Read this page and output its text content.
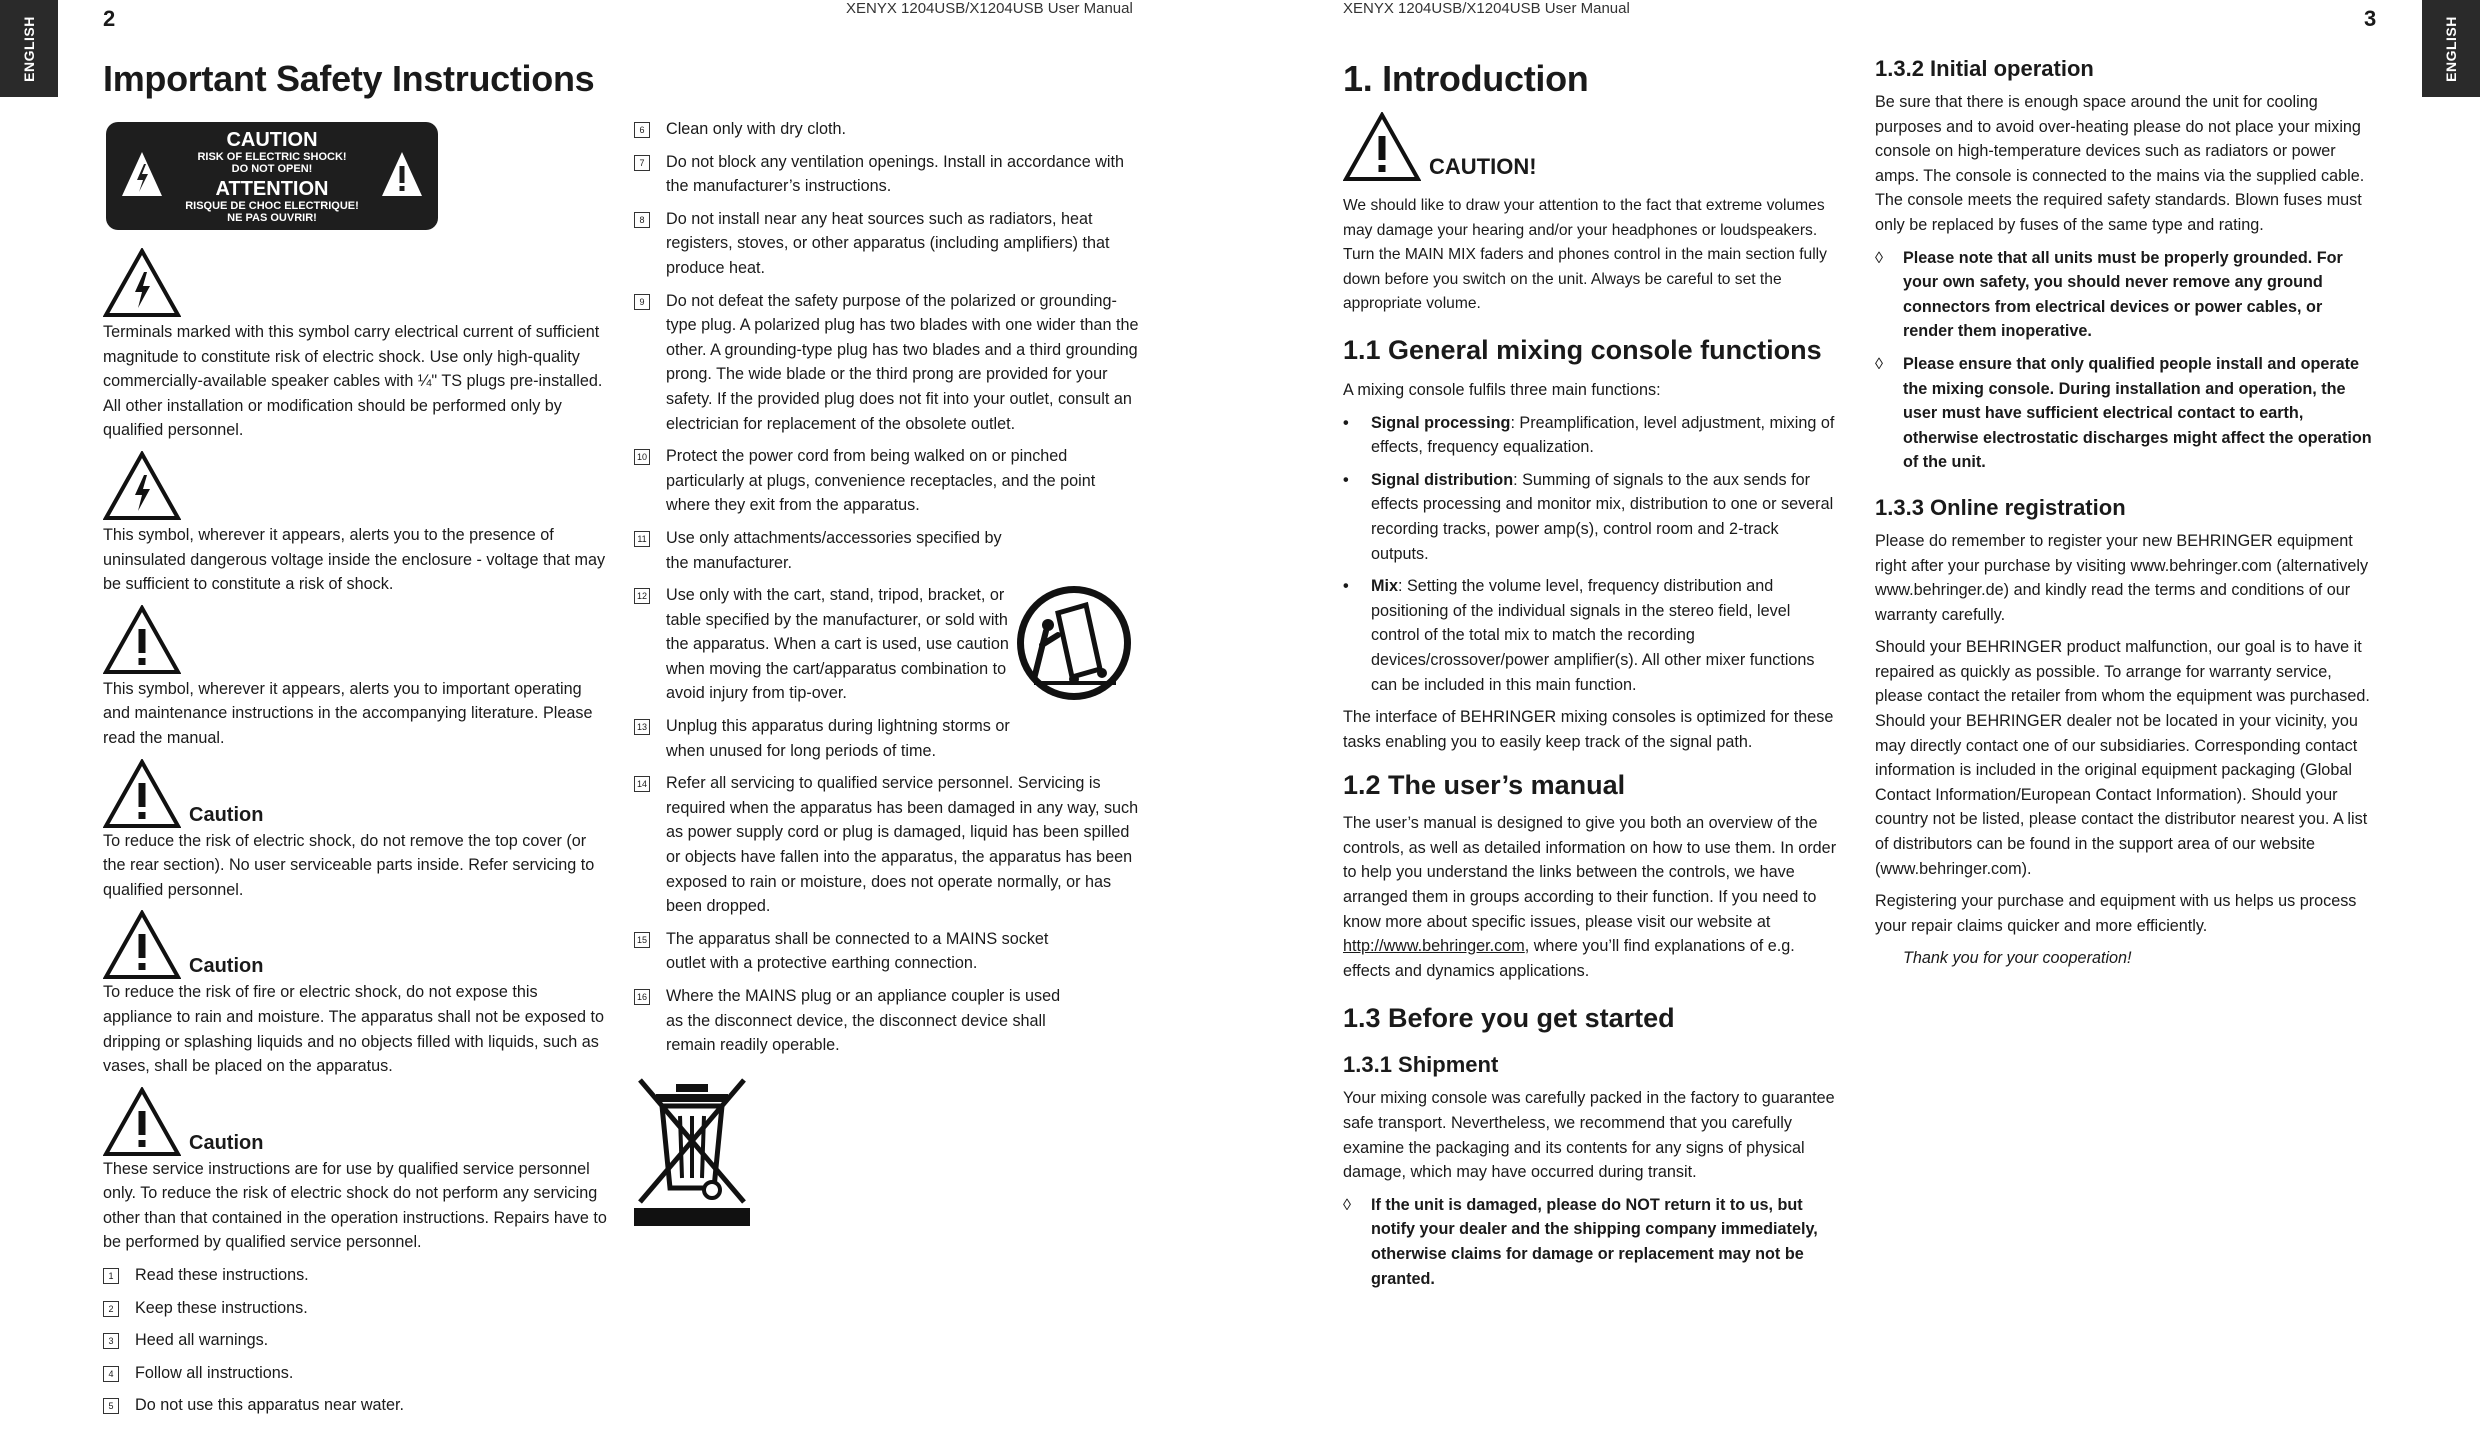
ENGLISH	ENGLISH
2	3
XENYX 1204USB/X1204USB User Manual	XENYX 1204USB/X1204USB User Manual
Important Safety Instructions
CAUTION
RISK OF ELECTRIC SHOCK!
DO NOT OPEN!
ATTENTION
RISQUE DE CHOC ELECTRIQUE!
NE PAS OUVRIR!

Terminals marked with this symbol carry electrical current of sufficient magnitude to constitute risk of electric shock. Use only high-quality commercially-available speaker cables with ¼" TS plugs pre-installed. All other installation or modification should be performed only by qualified personnel.

This symbol, wherever it appears, alerts you to the presence of uninsulated dangerous voltage inside the enclosure - voltage that may be sufficient to constitute a risk of shock.

This symbol, wherever it appears, alerts you to important operating and maintenance instructions in the accompanying literature. Please read the manual.

Caution

To reduce the risk of electric shock, do not remove the top cover (or the rear section). No user serviceable parts inside. Refer servicing to qualified personnel.

Caution

To reduce the risk of fire or electric shock, do not expose this appliance to rain and moisture. The apparatus shall not be exposed to dripping or splashing liquids and no objects filled with liquids, such as vases, shall be placed on the apparatus.

Caution

These service instructions are for use by qualified service personnel only. To reduce the risk of electric shock do not perform any servicing other than that contained in the operation instructions. Repairs have to be performed by qualified service personnel.

1	Read these instructions.
2	Keep these instructions.
3	Heed all warnings.
4	Follow all instructions.
5	Do not use this apparatus near water.
6	Clean only with dry cloth.
7	Do not block any ventilation openings. Install in accordance with the manufacturer’s instructions.
8	Do not install near any heat sources such as radiators, heat registers, stoves, or other apparatus (including amplifiers) that produce heat.
9	Do not defeat the safety purpose of the polarized or grounding-type plug. A polarized plug has two blades with one wider than the other. A grounding-type plug has two blades and a third grounding prong. The wide blade or the third prong are provided for your safety. If the provided plug does not fit into your outlet, consult an electrician for replacement of the obsolete outlet.
10 Protect the power cord from being walked on or pinched particularly at plugs, convenience receptacles, and the point where they exit from the apparatus.
11 Use only attachments/accessories specified by the manufacturer.
12 Use only with the cart, stand, tripod, bracket, or table specified by the manufacturer, or sold with the apparatus. When a cart is used, use caution when moving the cart/apparatus combination to avoid injury from tip-over.
13 Unplug this apparatus during lightning storms or when unused for long periods of time.
14 Refer all servicing to qualified service personnel. Servicing is required when the apparatus has been damaged in any way, such as power supply cord or plug is damaged, liquid has been spilled or objects have fallen into the apparatus, the apparatus has been exposed to rain or moisture, does not operate normally, or has been dropped.
15 The apparatus shall be connected to a MAINS socket outlet with a protective earthing connection.
16 Where the MAINS plug or an appliance coupler is used as the disconnect device, the disconnect device shall remain readily operable.
1. Introduction
CAUTION!

We should like to draw your attention to the fact that extreme volumes may damage your hearing and/or your headphones or loudspeakers. Turn the MAIN MIX faders and phones control in the main section fully down before you switch on the unit. Always be careful to set the appropriate volume.

1.1 General mixing console functions

A mixing console fulfils three main functions:

•	Signal processing: Preamplification, level adjustment, mixing of effects, frequency equalization.
•	Signal distribution: Summing of signals to the aux sends for effects processing and monitor mix, distribution to one or several recording tracks, power amp(s), control room and 2-track outputs.
•	Mix: Setting the volume level, frequency distribution and positioning of the individual signals in the stereo field, level control of the total mix to match the recording devices/crossover/power amplifier(s). All other mixer functions can be included in this main function.

The interface of BEHRINGER mixing consoles is optimized for these tasks enabling you to easily keep track of the signal path.

1.2 The user’s manual

The user’s manual is designed to give you both an overview of the controls, as well as detailed information on how to use them. In order to help you understand the links between the controls, we have arranged them in groups according to their function. If you need to know more about specific issues, please visit our website at http://www.behringer.com, where you’ll find explanations of e.g. effects and dynamics applications.

1.3 Before you get started
1.3.1 Shipment

Your mixing console was carefully packed in the factory to guarantee safe transport. Nevertheless, we recommend that you carefully examine the packaging and its contents for any signs of physical damage, which may have occurred during transit.

◊	If the unit is damaged, please do NOT return it to us, but notify your dealer and the shipping company immediately, otherwise claims for damage or replacement may not be granted.
1.3.2 Initial operation

Be sure that there is enough space around the unit for cooling purposes and to avoid over-heating please do not place your mixing console on high-temperature devices such as radiators or power amps. The console is connected to the mains via the supplied cable. The console meets the required safety standards. Blown fuses must only be replaced by fuses of the same type and rating.

◊	Please note that all units must be properly grounded. For your own safety, you should never remove any ground connectors from electrical devices or power cables, or render them inoperative.
◊	Please ensure that only qualified people install and operate the mixing console. During installation and operation, the user must have sufficient electrical contact to earth, otherwise electrostatic discharges might affect the operation of the unit.
1.3.3 Online registration

Please do remember to register your new BEHRINGER equipment right after your purchase by visiting www.behringer.com (alternatively www.behringer.de) and kindly read the terms and conditions of our warranty carefully.

Should your BEHRINGER product malfunction, our goal is to have it repaired as quickly as possible. To arrange for warranty service, please contact the retailer from whom the equipment was purchased. Should your BEHRINGER dealer not be located in your vicinity, you may directly contact one of our subsidiaries. Corresponding contact information is included in the original equipment packaging (Global Contact Information/European Contact Information). Should your country not be listed, please contact the distributor nearest you. A list of distributors can be found in the support area of our website (www.behringer.com).

Registering your purchase and equipment with us helps us process your repair claims quicker and more efficiently.

Thank you for your cooperation!
